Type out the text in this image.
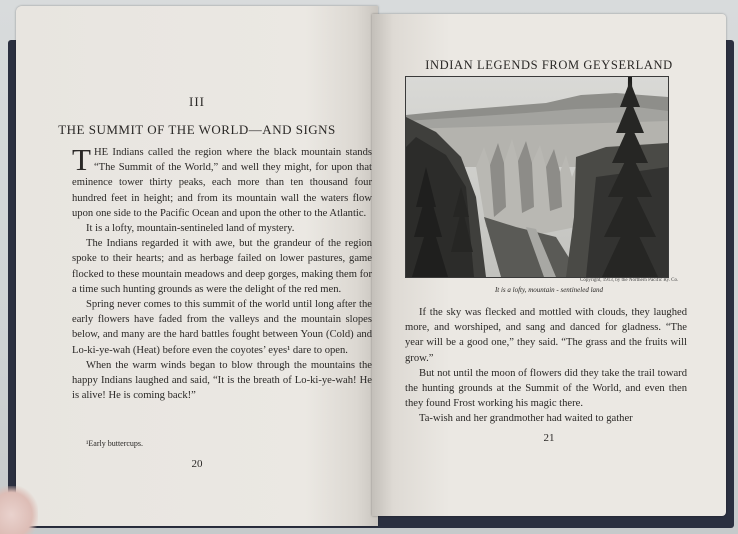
III
THE SUMMIT OF THE WORLD—AND SIGNS

THE Indians called the region where the black mountain stands “The Summit of the World,” and well they might, for upon that eminence tower thirty peaks, each more than ten thousand four hundred feet in height; and from its mountain wall the waters flow upon one side to the Pacific Ocean and upon the other to the Atlantic.

It is a lofty, mountain-sentineled land of mystery.

The Indians regarded it with awe, but the grandeur of the region spoke to their hearts; and as herbage failed on lower pastures, game flocked to these mountain meadows and deep gorges, making them for a time such hunting grounds as were the delight of the red men.

Spring never comes to this summit of the world until long after the early flowers have faded from the valleys and the mountain slopes below, and many are the hard battles fought between Youn (Cold) and Lo-ki-ye-wah (Heat) before even the coyotes’ eyes¹ dare to open.

When the warm winds began to blow through the mountains the happy Indians laughed and said, “It is the breath of Lo-ki-ye-wah! He is alive! He is coming back!”

¹Early buttercups.
20
INDIAN LEGENDS FROM GEYSERLAND
Copyright, 1913, by the Northern Pacific Ry. Co.
It is a lofty, mountain - sentineled land

If the sky was flecked and mottled with clouds, they laughed more, and worshiped, and sang and danced for gladness. “The year will be a good one,” they said. “The grass and the fruits will grow.”

But not until the moon of flowers did they take the trail toward the hunting grounds at the Summit of the World, and even then they found Frost working his magic there.

Ta-wish and her grandmother had waited to gather

21
